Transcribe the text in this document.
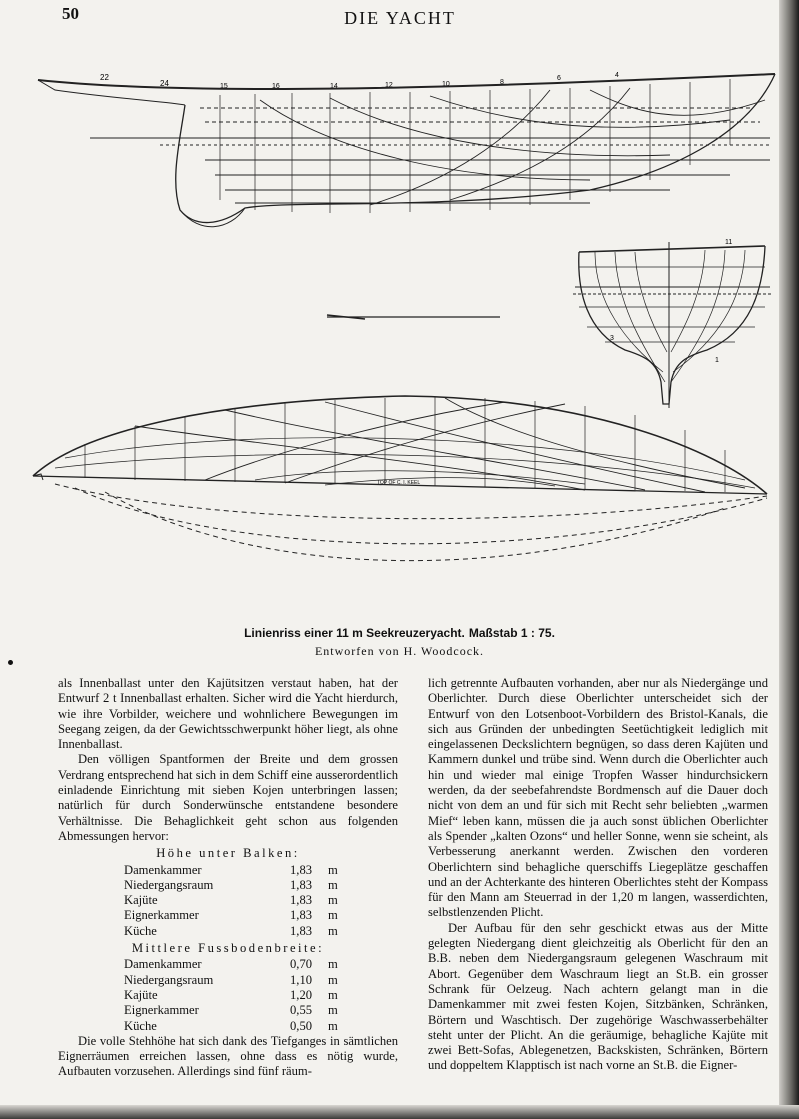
50	DIE YACHT
22
24	15	16	14	12	10	8
6	4
11
3
1
TOP OF C. I. KEEL
Linienriss einer 11 m Seekreuzeryacht. Maßstab 1 : 75.
Entworfen von H. Woodcock.

als Innenballast unter den Kajütsitzen verstaut haben, hat der Entwurf 2 t Innenballast erhalten. Sicher wird die Yacht hierdurch, wie ihre Vorbilder, weichere und wohnlichere Bewegungen im Seegang zeigen, da der Gewichtsschwerpunkt höher liegt, als ohne Innenballast.

Den völligen Spantformen der Breite und dem grossen Verdrang entsprechend hat sich in dem Schiff eine ausserordentlich einladende Einrichtung mit sieben Kojen unterbringen lassen; natürlich für durch Sonderwünsche entstandene besondere Verhältnisse. Die Behaglichkeit geht schon aus folgenden Abmessungen hervor:

Höhe unter Balken:
Damenkammer	1,83	m
Niedergangsraum	1,83	m
Kajüte	1,83	m
Eignerkammer	1,83	m
Küche	1,83	m
Mittlere Fussbodenbreite:
Damenkammer	0,70	m
Niedergangsraum	1,10	m
Kajüte	1,20	m
Eignerkammer	0,55	m
Küche	0,50	m

Die volle Stehhöhe hat sich dank des Tiefganges in sämtlichen Eignerräumen erreichen lassen, ohne dass es nötig wurde, Aufbauten vorzusehen. Allerdings sind fünf räum-

lich getrennte Aufbauten vorhanden, aber nur als Niedergänge und Oberlichter. Durch diese Oberlichter unterscheidet sich der Entwurf von den Lotsenboot-Vorbildern des Bristol-Kanals, die sich aus Gründen der unbedingten Seetüchtigkeit lediglich mit eingelassenen Deckslichtern begnügen, so dass deren Kajüten und Kammern dunkel und trübe sind. Wenn durch die Oberlichter auch hin und wieder mal einige Tropfen Wasser hindurchsickern werden, da der seebefahrendste Bordmensch auf die Dauer doch nicht von dem an und für sich mit Recht sehr beliebten „warmen Mief“ leben kann, müssen die ja auch sonst üblichen Oberlichter als Spender „kalten Ozons“ und heller Sonne, wenn sie scheint, als Verbesserung anerkannt werden. Zwischen den vorderen Oberlichtern sind behagliche querschiffs Liegeplätze geschaffen und an der Achterkante des hinteren Oberlichtes steht der Kompass für den Mann am Steuerrad in der 1,20 m langen, wasserdichten, selbstlenzenden Plicht.

Der Aufbau für den sehr geschickt etwas aus der Mitte gelegten Niedergang dient gleichzeitig als Oberlicht für den an B.B. neben dem Niedergangsraum gelegenen Waschraum mit Abort. Gegenüber dem Waschraum liegt an St.B. ein grosser Schrank für Oelzeug. Nach achtern gelangt man in die Damenkammer mit zwei festen Kojen, Sitzbänken, Schränken, Börtern und Waschtisch. Der zugehörige Waschwasserbehälter steht unter der Plicht. An die geräumige, behagliche Kajüte mit zwei Bett-Sofas, Ablegenetzen, Backskisten, Schränken, Börtern und doppeltem Klapptisch ist nach vorne an St.B. die Eigner-
